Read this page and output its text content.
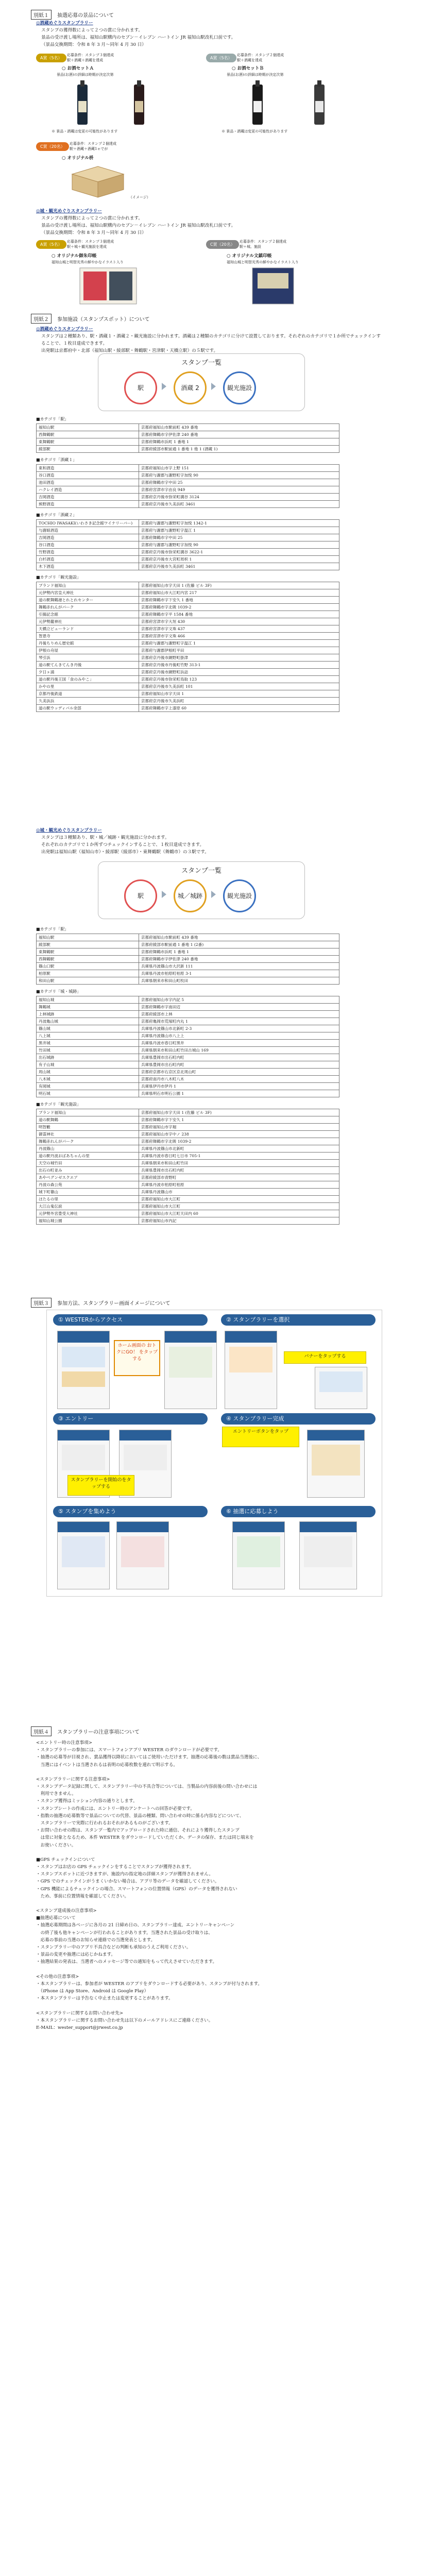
別紙１ 抽選応募の景品について
◎酒蔵めぐりスタンプラリー
スタンプの獲得数によって２つの賞に分かれます。
景品の受け渡し場所は、福知山駅構内のセブン－イレブン ハートイン JR 福知山駅改札口前です。
（景品交換期間：令和 8 年 3 月～同年 4 月 30 日）
A賞（5名）
応募条件：スタンプ３個達成
駅＋酒蔵＋酒蔵を達成	A賞（5名）
応募条件：スタンプ２個達成
駅＋酒蔵を達成
○ お酒セットＡ
景品(お酒)の詳細は時期が決定次第
※ 景品・酒蔵は変更の可能性があります
○ お酒セットＢ
景品(お酒)の詳細は時期が決定次第
※ 景品・酒蔵は変更の可能性があります
C賞（20名）
応募条件：スタンプ２個達成
駅＋酒蔵＋酒蔵1ゃでが
○ オリジナル枡
（イメージ）
◎城・観光めぐりスタンプラリー
スタンプの獲得数によって２つの賞に分かれます。
景品の受け渡し場所は、福知山駅構内のセブン－イレブン ハートイン JR 福知山駅改札口前です。
（景品交換期間：令和 8 年 3 月～同年 4 月 30 日）
A賞（5名）
応募条件：スタンプ３個達成
駅＋城＋観光施設を達成	C賞（20名）
応募条件：スタンプ２個達成
駅＋城、施設
○ オリジナル御朱印帳
福知山城と明智光秀の鮮やかなイラスト入り
○ オリジナル文鎮印帳
福知山城と明智光秀の鮮やかなイラスト入り
別紙２ 参加施設（スタンプスポット）について
◎酒蔵めぐりスタンプラリー
スタンプは２種類あり、駅・酒蔵１・酒蔵２・観光施設に分かれます。酒蔵は２種類のカテゴリに分けて設置しております。それぞれのカテゴリで１か所でチェックインすることで、１枚目達成できます。
出発駅は京都府中・北部（福知山駅・綾部駅・舞鶴駅・宮津駅・天橋立駅）の５駅です。
スタンプ一覧
駅	酒蔵 2	観光施設
■カテゴリ「駅」
福知山駅	京都府福知山市駅前町 439 番地
西舞鶴駅	京都府舞鶴市字伊佐津 240 番地
東舞鶴駅	京都府舞鶴市浜町 1 番地 1
綾部駅	京都府綾部市駅前通 1 番地 1 他 1 (酒蔵 1)
■カテゴリ「酒蔵１」
東和酒造	京都府福知山市字上野 151
谷口酒造	京都府与謝郡与謝野町字加悦 90
池田酒造	京都府舞鶴市字中田 25
ハクレイ酒造	京都府宮津市字由良 949
吉岡酒造	京都府京丹後市弥栄町溝谷 3124
熊野酒造	京都府京丹後市久美浜町 3461
■カテゴリ「酒蔵２」
TOCHIO IWASAKI(いわさき記念館ワイナリーバー)	京都府与謝郡与謝野町字加悦 1342-1
与謝娘酒造	京都府与謝郡与謝野町字温江 1
吉岡酒造	京都府舞鶴市字中田 25
谷口酒造	京都府与謝郡与謝野町字加悦 90
竹野酒造	京都府京丹後市弥栄町溝谷 3622-1
白杉酒造	京都府京丹後市大宮町周枳 1
木下酒造	京都府京丹後市久美浜町 3461
■カテゴリ「観光施設」
ブランド福知山	京都府福知山市字天田 1 (佐藤 ビル 3F)
元伊勢内宮皇大神社	京都府福知山市大江町内宮 217
道の駅舞鶴港とれとれセンター	京都府舞鶴市字下安久 1 番地
舞鶴赤れんがパーク	京都府舞鶴市字北吸 1039-2
引揚記念館	京都府舞鶴市字平 1584 番地
元伊勢籠神社	京都府宮津市字大垣 430
天橋立ビューランド	京都府宮津市字文珠 437
智恩寺	京都府宮津市字文珠 466
丹後ちりめん歴史館	京都府与謝郡与謝野町字温江 1
伊根の舟屋	京都府与謝郡伊根町平田
琴引浜	京都府京丹後市網野町掛津
道の駅てんきてんき丹後	京都府京丹後市丹後町竹野 313-1
夕日ヶ浦	京都府京丹後市網野町浜詰
道の駅丹後王国「食のみやこ」	京都府京丹後市弥栄町鳥取 123
かやの里	京都府京丹後市久美浜町 101
京都丹後鉄道	京都府福知山市字天田 1
久美浜浜	京都府京丹後市久美浜町
道の駅ウッディパル余部	京都府舞鶴市字上漆原 60
◎城・観光めぐりスタンプラリー
スタンプは３種類あり、駅・城／城跡・観光施設に分かれます。
それぞれのカテゴリで１か所ずつチェックインすることで、１枚目達成できます。
出発駅は福知山駅（福知山市）・綾部駅（綾部市）・東舞鶴駅（舞鶴市）の３駅です。
スタンプ一覧
駅	城／城跡	観光施設
■カテゴリ「駅」
福知山駅	京都府福知山市駅前町 439 番地
綾部駅	京都府綾部市駅前通 1 番地 1 (2番)
東舞鶴駅	京都府舞鶴市浜町 1 番地 1
西舞鶴駅	京都府舞鶴市字伊佐津 240 番地
篠山口駅	兵庫県丹波篠山市大沢新 111
柏原駅	兵庫県丹波市柏原町柏原 3-1
和田山駅	兵庫県朝来市和田山町枚田
■カテゴリ「城・城跡」
福知山城	京都府福知山市字内記 5
舞鶴城	京都府舞鶴市字南田辺
上林城跡	京都府綾部市上林
丹波亀山城	京都府亀岡市荒塚町内丸 1
篠山城	兵庫県丹波篠山市北新町 2-3
八上城	兵庫県丹波篠山市八上上
黒井城	兵庫県丹波市春日町黒井
竹田城	兵庫県朝来市和田山町竹田古城山 169
出石城跡	兵庫県豊岡市出石町内町
有子山城	兵庫県豊岡市出石町内町
周山城	京都府京都市右京区京北周山町
八木城	京都府南丹市八木町八木
有岡城	兵庫県伊丹市伊丹 1
明石城	兵庫県明石市明石公園 1
■カテゴリ「観光施設」
ブランド福知山	京都府福知山市字天田 1 (佐藤 ビル 3F)
道の駅舞鶴	京都府舞鶴市字下安久 1
明智藪	京都府福知山市字堀
御霊神社	京都府福知山市字中ノ 238
舞鶴赤れんがパーク	京都府舞鶴市字北吸 1039-2
丹波篠山	兵庫県丹波篠山市北新町
道の駅丹波おばあちゃんの里	兵庫県丹波市春日町七日市 705-1
天空の城竹田	兵庫県朝来市和田山町竹田
出石の町並み	兵庫県豊岡市出石町内町
あやべグンゼスクエア	京都府綾部市青野町
丹波の森公苑	兵庫県丹波市柏原町柏原
城下町篠山	兵庫県丹波篠山市
ほたるの里	京都府福知山市大江町
大江山鬼伝説	京都府福知山市大江町
元伊勢外宮豊受大神社	京都府福知山市大江町天田内 60
福知山城公園	京都府福知山市内記
別紙３ 参加方法、スタンプラリー画面イメージについて
① WESTERからアクセス	② スタンプラリーを選択
ホーム画面の おトクにGO！ をタップする	バナーをタップする
③ エントリー	④ スタンプラリー完成
スタンプラリーを開始のをタップする
エントリーボタンをタップ
⑤ スタンプを集めよう	⑥ 抽選に応募しよう
別紙４ スタンプラリーの注意事項について
<エントリー時の注意事項>
・スタンプラリーの参加には、スマートフォンアプリ WESTER のダウンロードが必要です。
・抽選の応募等が目視され、賞品獲得以降状においてはご使用いただけます。抽選の応募後の数は賞品当選後に、
　当選にはイベントは当選されるは表明の応募枚数を連れて明示する。
<スタンプラリーに関する注意事項>
・スタンプデータ記録に関して、スタンプラリー中の不具合等については、当製品の内容前後の問い合わせには
　利用できません。
・スタンプ獲得はミッション内容の通りとします。
・スタンプシートの作成には、エントリー時のアンケートへの回答が必要です。
・指数の抽選の応募数等で景品についての代替、景品の種類、問い合わせの時に係る内容などについて、
　スタンプラリーで実際に行われるおそれがあるものがございます。
・お問い合わせの際は、スタンプ一覧内でアップロードされた時に通信、それにより獲得したスタンプ
　は常に対象となるため、本件 WESTER をダウンロードしていただくか、データの保存、または同じ端末を
　お使いください。
■GPS チェックインについて
・スタンプはお店の GPS チェックインをすることでスタンプが獲得されます。
・スタンプスポットに近づきますが、施設内の指定地の詳細スタンプが獲得されません。
・GPS でのチェックインがうまくいかない場合は、アプリ等のデータを確認してください。
・GPS 機能によるチェックインの場合、スマートフォンの位置情報（GPS）のデータを獲得されない
　ため、事前に位置情報を確認してください。
<スタンプ達成後の注意事項>
■抽選応募について
・抽選応募期間は各ページに各月の 21 日締め日の、スタンプラリー達成、エントリーキャンペーン
　の終了後も他キャンペーンが行われることがあります。当選された景品の受け取りは、
　応募の事前の当選のお知らせ連絡での当選発表とします。
・スタンプラリー中のアプリ不具合などの判断も承知のうえご利用ください。
・景品の変更や抽選には応じかねます。
・抽選結果の発表は、当選者へのメッセージ等での通知をもって代えさせていただきます。
<その他の注意事項>
・本スタンプラリーは、参加者が WESTER のアプリをダウンロードする必要があり、スタンプが付与されます。
　（iPhone は App Store、Android は Google Play）
・本スタンプラリーは予告なく中止または変更することがあります。
<スタンプラリーに関するお問い合わせ先>
・本スタンプラリーに関するお問い合わせ先は以下のメールアドレスにご連絡ください。
E-MAIL：wester_support@jrwest.co.jp
